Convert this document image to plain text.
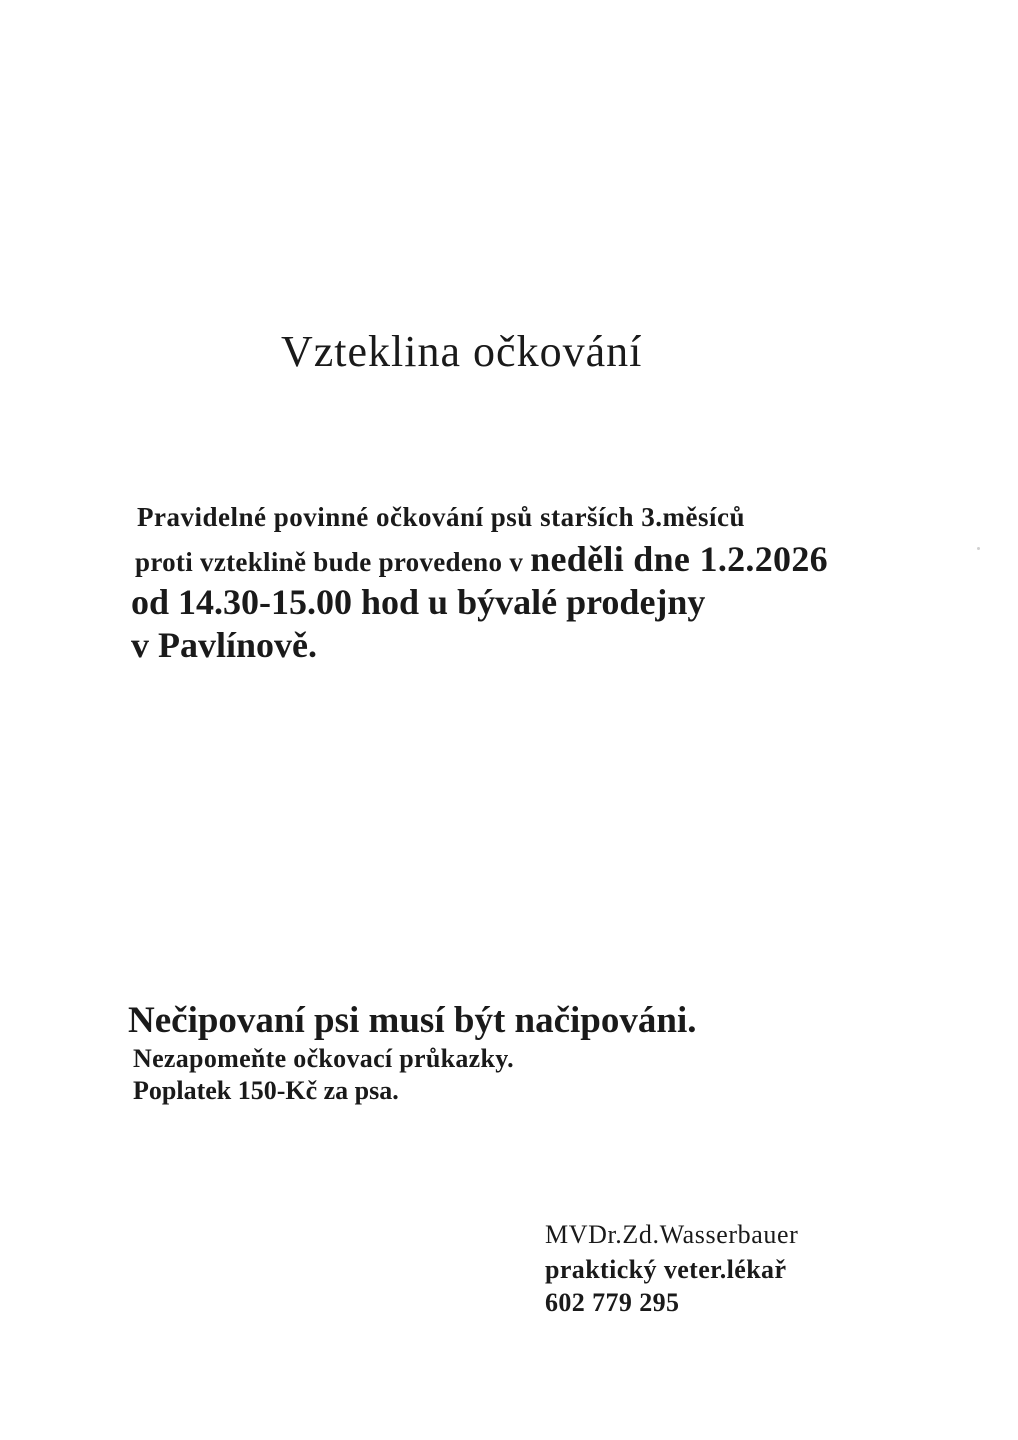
Vzteklina očkování
Pravidelné povinné očkování psů starších 3.měsíců
proti vzteklině bude provedeno v neděli dne 1.2.2026
od 14.30-15.00 hod u bývalé prodejny
v Pavlínově.
Nečipovaní psi musí být načipováni.
Nezapomeňte očkovací průkazky.
Poplatek 150-Kč za psa.
MVDr.Zd.Wasserbauer
praktický veter.lékař
602 779 295
